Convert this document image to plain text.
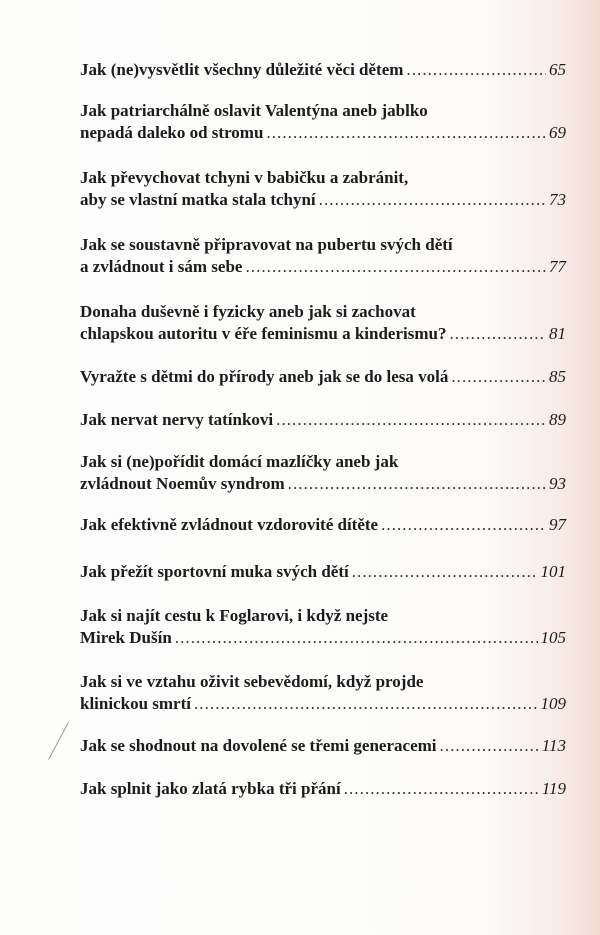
Jak (ne)vysvětlit všechny důležité věci dětem . . .	65
Jak patriarchálně oslavit Valentýna aneb jablko
nepadá daleko od stromu . . .	69
Jak převychovat tchyni v babičku a zabránit,
aby se vlastní matka stala tchyní . . .	73
Jak se soustavně připravovat na pubertu svých dětí
a zvládnout i sám sebe . . .	77
Donaha duševně i fyzicky aneb jak si zachovat
chlapskou autoritu v éře feminismu a kinderismu? . . .	81
Vyražte s dětmi do přírody aneb jak se do lesa volá . . .	85
Jak nervat nervy tatínkovi . . .	89
Jak si (ne)pořídit domácí mazlíčky aneb jak
zvládnout Noemův syndrom . . .	93
Jak efektivně zvládnout vzdorovité dítěte . . .	97
Jak přežít sportovní muka svých dětí . . .	101
Jak si najít cestu k Foglarovi, i když nejste
Mirek Dušín . . .	105
Jak si ve vztahu oživit sebevědomí, když projde
klinickou smrtí . . .	109
Jak se shodnout na dovolené se třemi generacemi . . .	113
Jak splnit jako zlatá rybka tři přání . . .	119
